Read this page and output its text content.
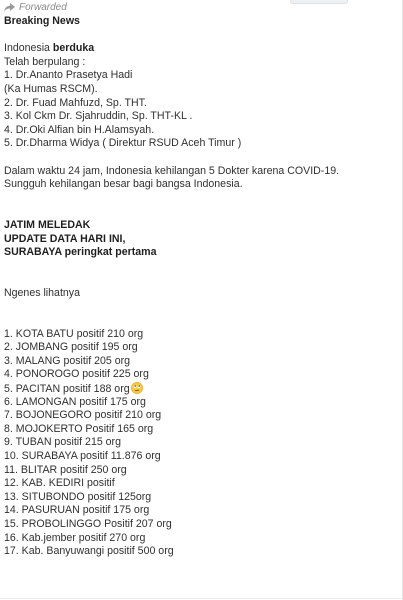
Forwarded
Breaking News
Indonesia berduka
Telah berpulang :
1. Dr.Ananto Prasetya Hadi
(Ka Humas RSCM).
2. Dr. Fuad Mahfuzd, Sp. THT.
3. Kol Ckm Dr. Sjahruddin, Sp. THT-KL .
4. Dr.Oki Alfian bin H.Alamsyah.
5. Dr.Dharma Widya ( Direktur RSUD Aceh Timur )
Dalam waktu 24 jam, Indonesia kehilangan 5 Dokter karena COVID-19.
Sungguh kehilangan besar bagi bangsa Indonesia.
JATIM MELEDAK
UPDATE DATA HARI INI,
SURABAYA peringkat pertama
Ngenes lihatnya
1. KOTA BATU positif 210 org
2. JOMBANG positif 195 org
3. MALANG positif 205 org
4. PONOROGO positif 225 org
5. PACITAN positif 188 org
6. LAMONGAN positif 175 org
7. BOJONEGORO positif 210 org
8. MOJOKERTO Positif 165 org
9. TUBAN positif 215 org
10. SURABAYA positif 11.876 org
11. BLITAR positif 250 org
12. KAB. KEDIRI positif
13. SITUBONDO positif 125org
14. PASURUAN positif 175 org
15. PROBOLINGGO Positif 207 org
16. Kab.jember positif 270 org
17. Kab. Banyuwangi positif 500 org
